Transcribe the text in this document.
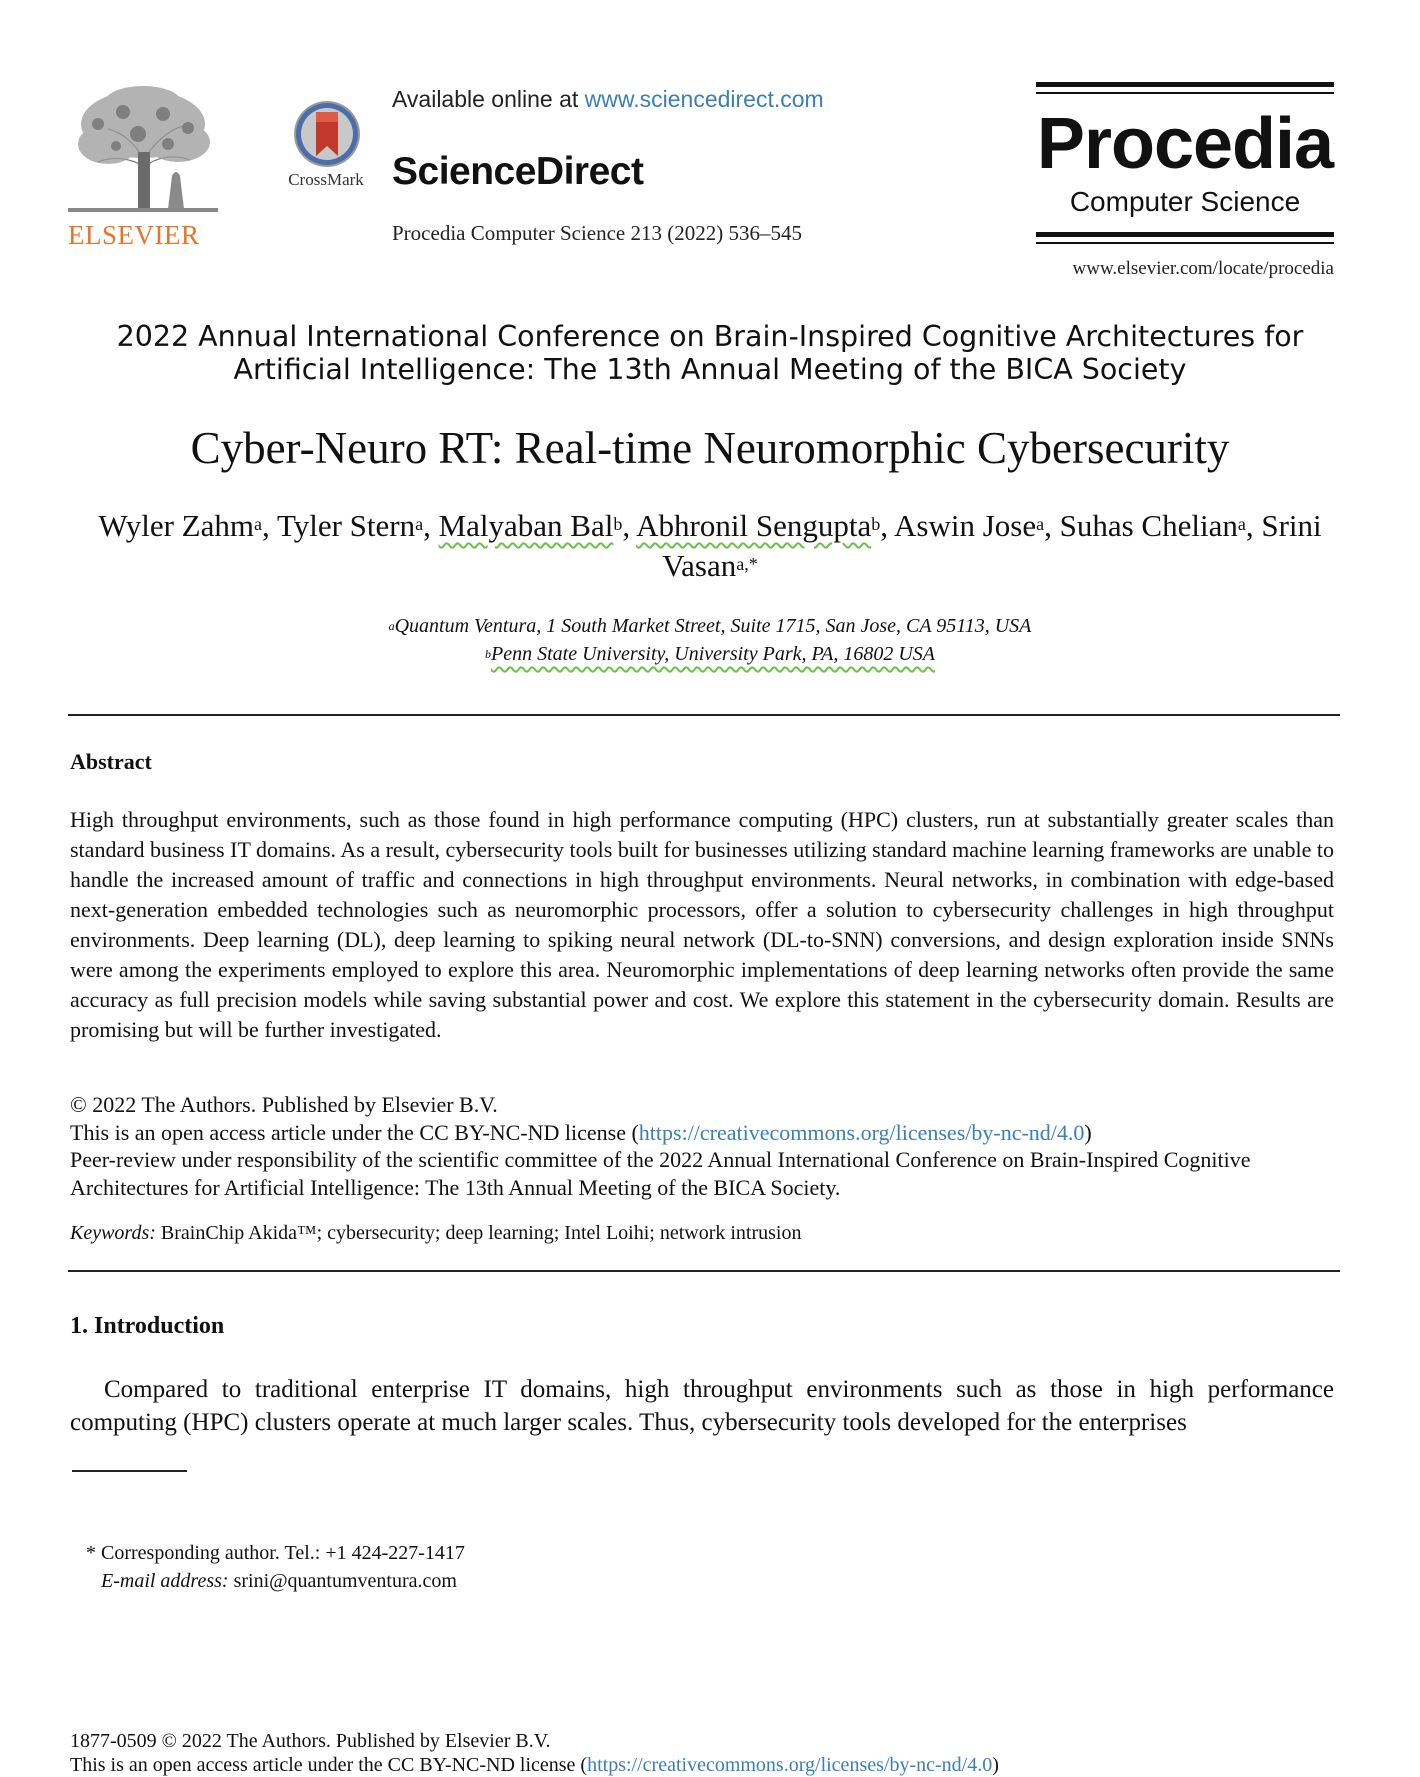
ELSEVIER
CrossMark
Available online at www.sciencedirect.com
ScienceDirect
Procedia Computer Science 213 (2022) 536–545
Procedia
Computer Science
www.elsevier.com/locate/procedia
2022 Annual International Conference on Brain-Inspired Cognitive Architectures for
Artificial Intelligence: The 13th Annual Meeting of the BICA Society
Cyber-Neuro RT: Real-time Neuromorphic Cybersecurity
Wyler Zahm$^a$, Tyler Stern$^a$, Malyaban Bal$^b$, Abhronil Sengupta$^b$, Aswin Jose$^a$, Suhas Chelian$^a$, Srini Vasan$^{a,*}$
$^a$Quantum Ventura, 1 South Market Street, Suite 1715, San Jose, CA 95113, USA
$^b$Penn State University, University Park, PA, 16802 USA
Abstract
High throughput environments, such as those found in high performance computing (HPC) clusters, run at substantially greater scales than standard business IT domains. As a result, cybersecurity tools built for businesses utilizing standard machine learning frameworks are unable to handle the increased amount of traffic and connections in high throughput environments. Neural networks, in combination with edge-based next-generation embedded technologies such as neuromorphic processors, offer a solution to cybersecurity challenges in high throughput environments. Deep learning (DL), deep learning to spiking neural network (DL-to-SNN) conversions, and design exploration inside SNNs were among the experiments employed to explore this area. Neuromorphic implementations of deep learning networks often provide the same accuracy as full precision models while saving substantial power and cost. We explore this statement in the cybersecurity domain. Results are promising but will be further investigated.
© 2022 The Authors. Published by Elsevier B.V.
This is an open access article under the CC BY-NC-ND license (https://creativecommons.org/licenses/by-nc-nd/4.0)
Peer-review under responsibility of the scientific committee of the 2022 Annual International Conference on Brain-Inspired Cognitive Architectures for Artificial Intelligence: The 13th Annual Meeting of the BICA Society.
Keywords: BrainChip Akida™; cybersecurity; deep learning; Intel Loihi; network intrusion
1. Introduction
Compared to traditional enterprise IT domains, high throughput environments such as those in high performance computing (HPC) clusters operate at much larger scales. Thus, cybersecurity tools developed for the enterprises
* Corresponding author. Tel.: +1 424-227-1417
E-mail address: srini@quantumventura.com
1877-0509 © 2022 The Authors. Published by Elsevier B.V.
This is an open access article under the CC BY-NC-ND license (https://creativecommons.org/licenses/by-nc-nd/4.0)
